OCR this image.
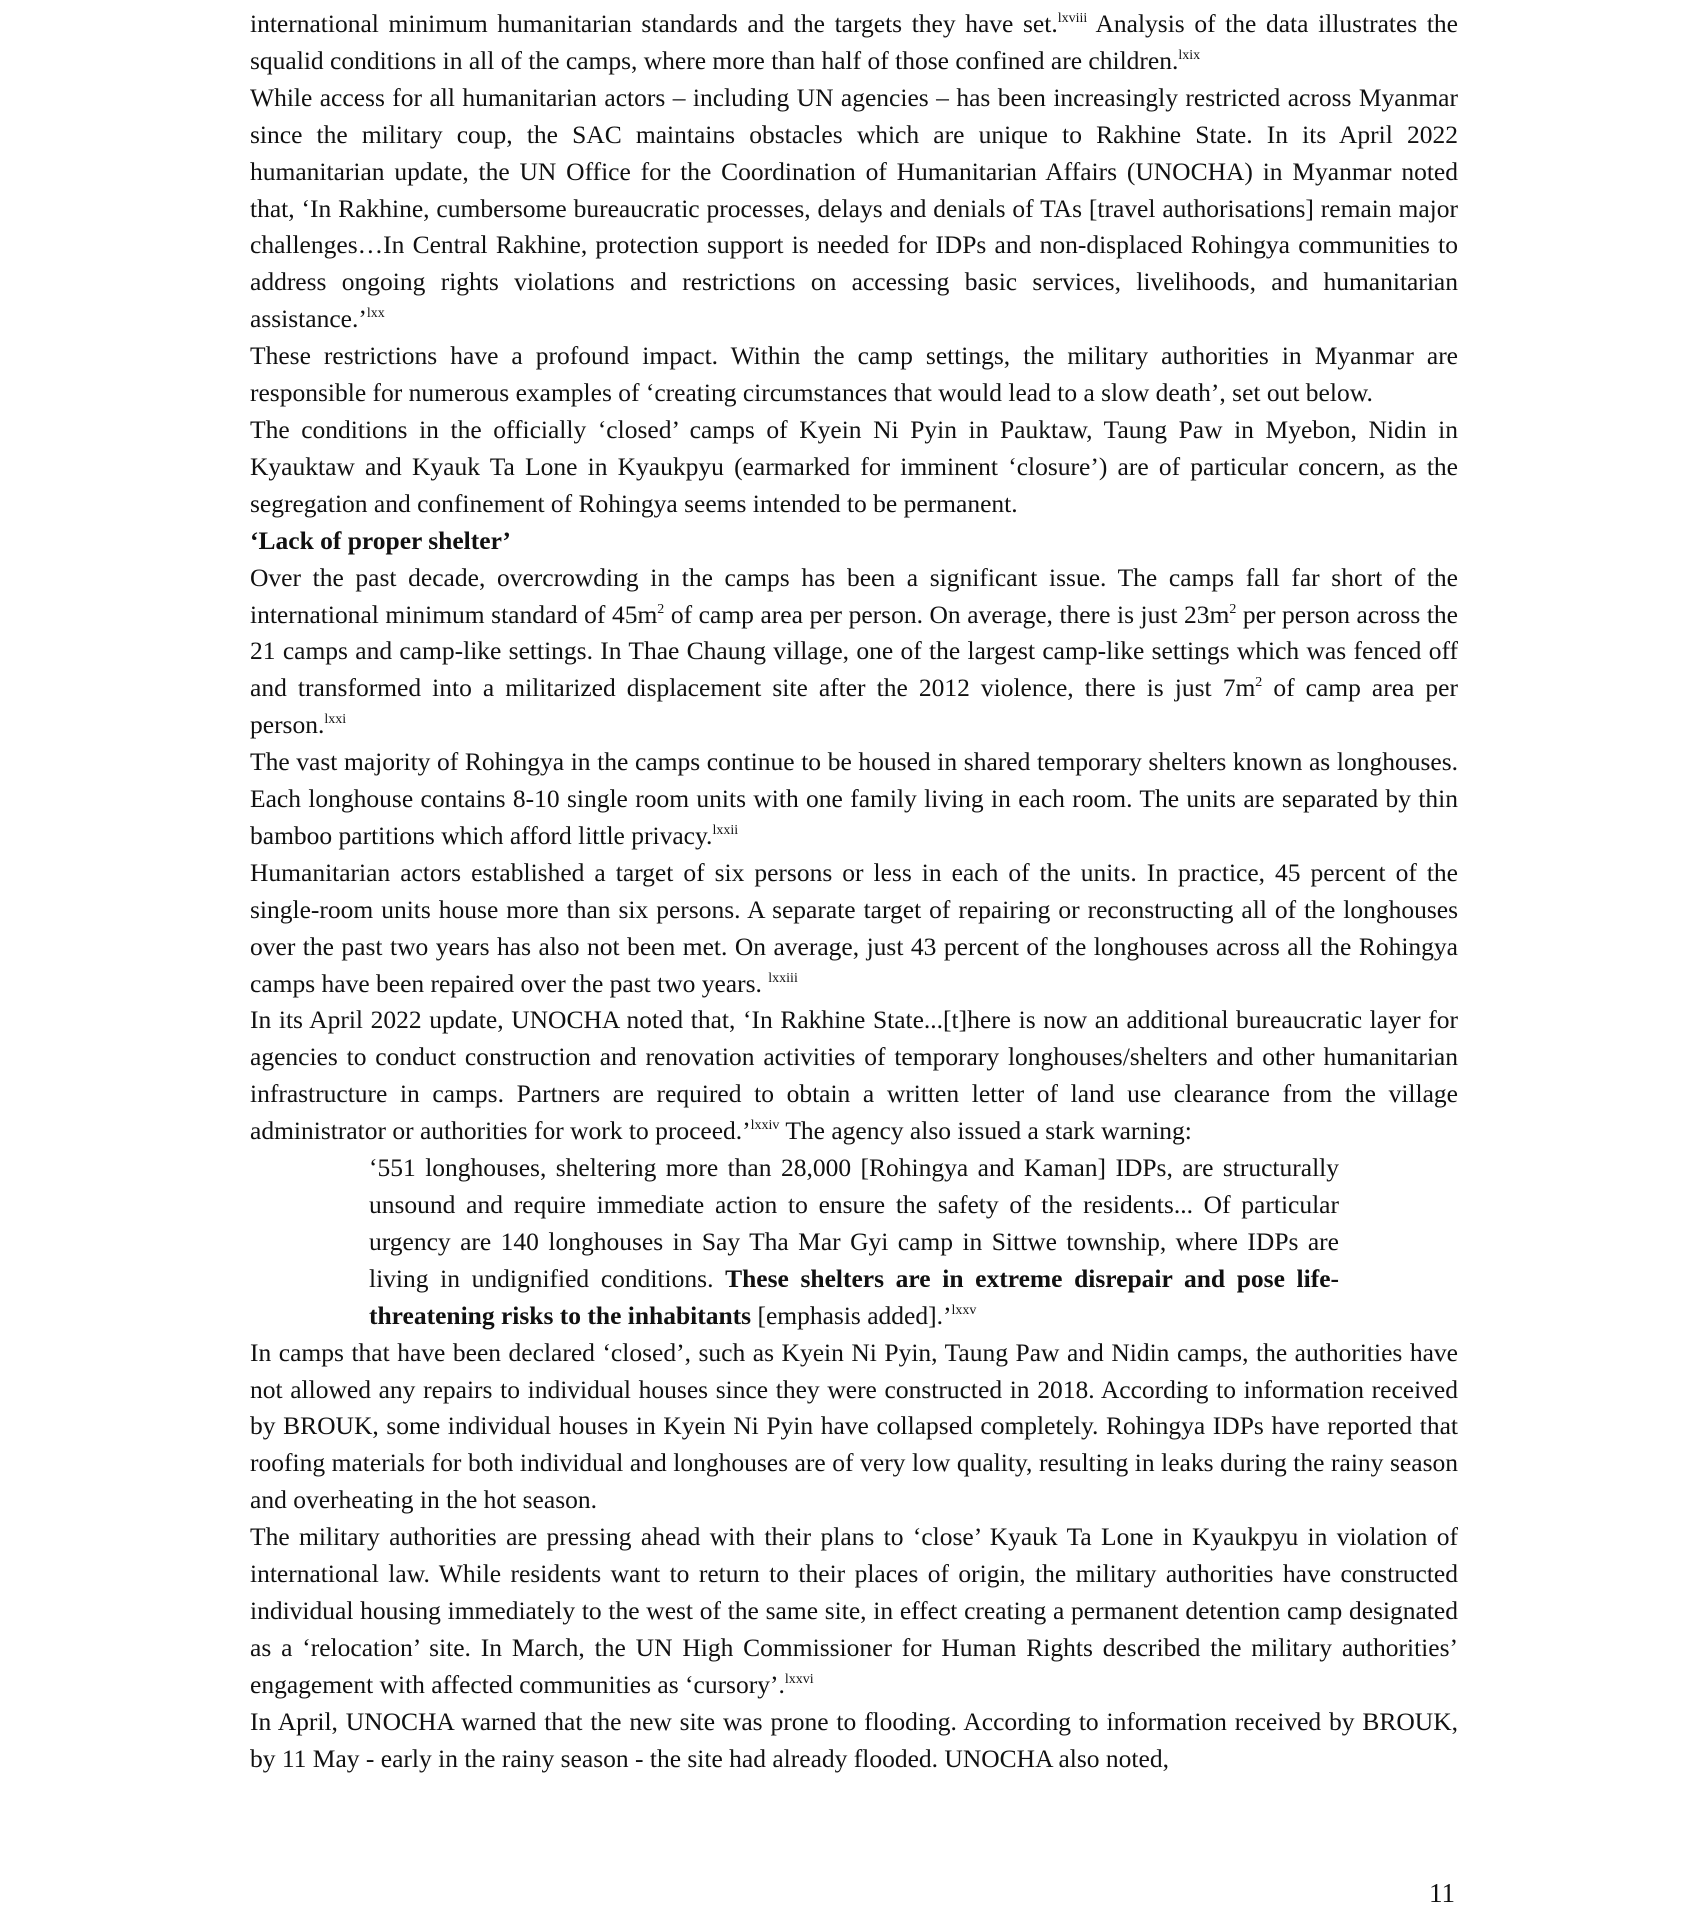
international minimum humanitarian standards and the targets they have set.$^{lxviii}$ Analysis of the data illustrates the squalid conditions in all of the camps, where more than half of those confined are children.$^{lxix}$

While access for all humanitarian actors – including UN agencies – has been increasingly restricted across Myanmar since the military coup, the SAC maintains obstacles which are unique to Rakhine State. In its April 2022 humanitarian update, the UN Office for the Coordination of Humanitarian Affairs (UNOCHA) in Myanmar noted that, ‘In Rakhine, cumbersome bureaucratic processes, delays and denials of TAs [travel authorisations] remain major challenges…In Central Rakhine, protection support is needed for IDPs and non-displaced Rohingya communities to address ongoing rights violations and restrictions on accessing basic services, livelihoods, and humanitarian assistance.’$^{lxx}$

These restrictions have a profound impact. Within the camp settings, the military authorities in Myanmar are responsible for numerous examples of ‘creating circumstances that would lead to a slow death’, set out below.

The conditions in the officially ‘closed’ camps of Kyein Ni Pyin in Pauktaw, Taung Paw in Myebon, Nidin in Kyauktaw and Kyauk Ta Lone in Kyaukpyu (earmarked for imminent ‘closure’) are of particular concern, as the segregation and confinement of Rohingya seems intended to be permanent.

‘Lack of proper shelter’

Over the past decade, overcrowding in the camps has been a significant issue. The camps fall far short of the international minimum standard of $45m^2$ of camp area per person. On average, there is just $23m^2$ per person across the 21 camps and camp-like settings. In Thae Chaung village, one of the largest camp-like settings which was fenced off and transformed into a militarized displacement site after the 2012 violence, there is just $7m^2$ of camp area per person.$^{lxxi}$

The vast majority of Rohingya in the camps continue to be housed in shared temporary shelters known as longhouses. Each longhouse contains 8-10 single room units with one family living in each room. The units are separated by thin bamboo partitions which afford little privacy.$^{lxxii}$

Humanitarian actors established a target of six persons or less in each of the units. In practice, 45 percent of the single-room units house more than six persons. A separate target of repairing or reconstructing all of the longhouses over the past two years has also not been met. On average, just 43 percent of the longhouses across all the Rohingya camps have been repaired over the past two years. $^{lxxiii}$

In its April 2022 update, UNOCHA noted that, ‘In Rakhine State...[t]here is now an additional bureaucratic layer for agencies to conduct construction and renovation activities of temporary longhouses/shelters and other humanitarian infrastructure in camps. Partners are required to obtain a written letter of land use clearance from the village administrator or authorities for work to proceed.’$^{lxxiv}$ The agency also issued a stark warning:

‘551 longhouses, sheltering more than 28,000 [Rohingya and Kaman] IDPs, are structurally unsound and require immediate action to ensure the safety of the residents... Of particular urgency are 140 longhouses in Say Tha Mar Gyi camp in Sittwe township, where IDPs are living in undignified conditions. These shelters are in extreme disrepair and pose life-threatening risks to the inhabitants [emphasis added].’$^{lxxv}$

In camps that have been declared ‘closed’, such as Kyein Ni Pyin, Taung Paw and Nidin camps, the authorities have not allowed any repairs to individual houses since they were constructed in 2018. According to information received by BROUK, some individual houses in Kyein Ni Pyin have collapsed completely. Rohingya IDPs have reported that roofing materials for both individual and longhouses are of very low quality, resulting in leaks during the rainy season and overheating in the hot season.

The military authorities are pressing ahead with their plans to ‘close’ Kyauk Ta Lone in Kyaukpyu in violation of international law. While residents want to return to their places of origin, the military authorities have constructed individual housing immediately to the west of the same site, in effect creating a permanent detention camp designated as a ‘relocation’ site. In March, the UN High Commissioner for Human Rights described the military authorities’ engagement with affected communities as ‘cursory’.$^{lxxvi}$

In April, UNOCHA warned that the new site was prone to flooding. According to information received by BROUK, by 11 May - early in the rainy season - the site had already flooded. UNOCHA also noted,

11
